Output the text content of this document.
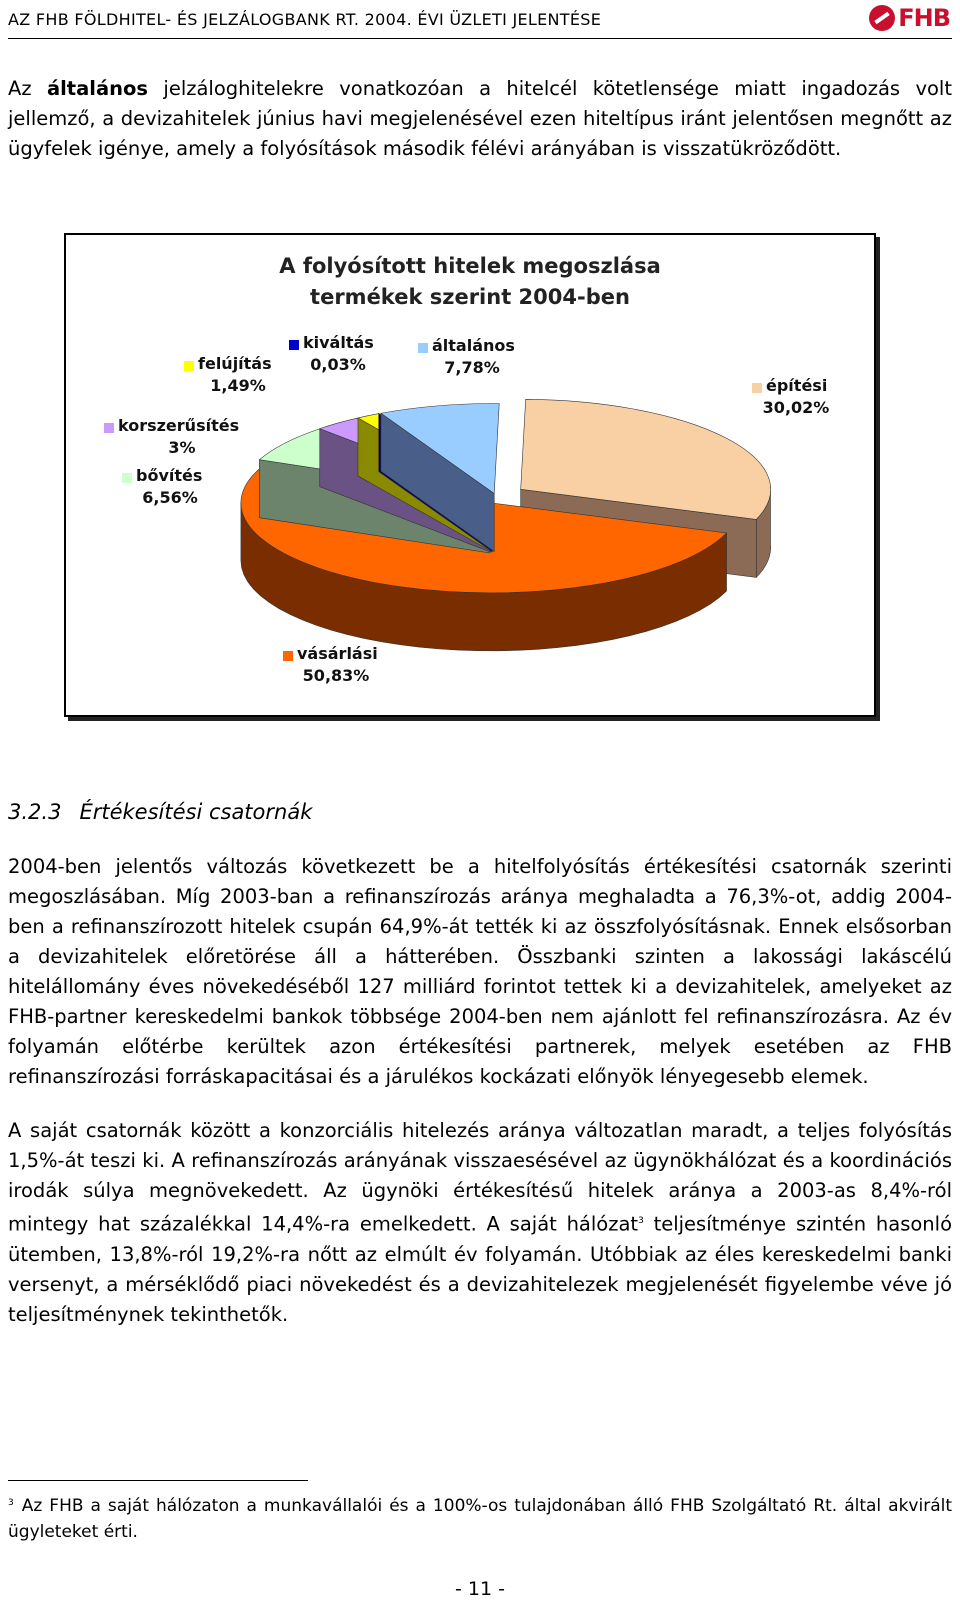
AZ FHB FÖLDHITEL- ÉS JELZÁLOGBANK RT. 2004. ÉVI ÜZLETI JELENTÉSE	FHB
Az általános jelzáloghitelekre vonatkozóan a hitelcél kötetlensége miatt ingadozás volt jellemző, a devizahitelek június havi megjelenésével ezen hiteltípus iránt jelentősen megnőtt az ügyfelek igénye, amely a folyósítások második félévi arányában is visszatükröződött.
A folyósított hitelek megoszlása
termékek szerint 2004-ben
építési
30,02%
vásárlási
50,83%
bővítés
6,56%
korszerűsítés
3%
felújítás
1,49%
kiváltás
0,03%
általános
7,78%
3.2.3 Értékesítési csatornák
2004-ben jelentős változás következett be a hitelfolyósítás értékesítési csatornák szerinti megoszlásában. Míg 2003-ban a refinanszírozás aránya meghaladta a 76,3%-ot, addig 2004-ben a refinanszírozott hitelek csupán 64,9%-át tették ki az összfolyósításnak. Ennek elsősorban a devizahitelek előretörése áll a hátterében. Összbanki szinten a lakossági lakáscélú hitelállomány éves növekedéséből 127 milliárd forintot tettek ki a devizahitelek, amelyeket az FHB-partner kereskedelmi bankok többsége 2004-ben nem ajánlott fel refinanszírozásra. Az év folyamán előtérbe kerültek azon értékesítési partnerek, melyek esetében az FHB refinanszírozási forráskapacitásai és a járulékos kockázati előnyök lényegesebb elemek.
A saját csatornák között a konzorciális hitelezés aránya változatlan maradt, a teljes folyósítás 1,5%-át teszi ki. A refinanszírozás arányának visszaesésével az ügynökhálózat és a koordinációs irodák súlya megnövekedett. Az ügynöki értékesítésű hitelek aránya a 2003-as 8,4%-ról mintegy hat százalékkal 14,4%-ra emelkedett. A saját hálózat$^3$ teljesítménye szintén hasonló ütemben, 13,8%-ról 19,2%-ra nőtt az elmúlt év folyamán. Utóbbiak az éles kereskedelmi banki versenyt, a mérséklődő piaci növekedést és a devizahitelezek megjelenését figyelembe véve jó teljesítménynek tekinthetők.
$^3$ Az FHB a saját hálózaton a munkavállalói és a 100%-os tulajdonában álló FHB Szolgáltató Rt. által akvirált ügyleteket érti.
- 11 -
